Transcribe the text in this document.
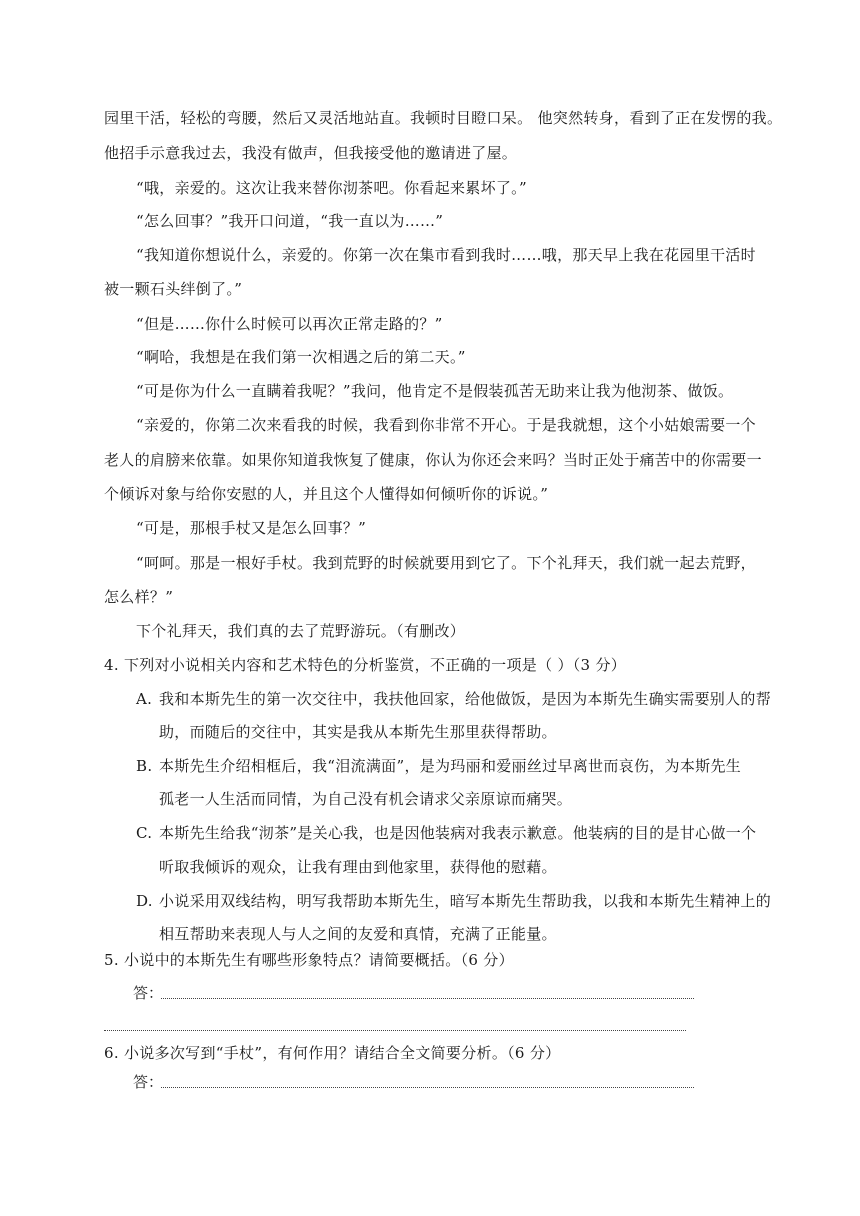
园里干活，轻松的弯腰，然后又灵活地站直。我顿时目瞪口呆。 他突然转身，看到了正在发愣的我。
他招手示意我过去，我没有做声，但我接受他的邀请进了屋。
“哦，亲爱的。这次让我来替你沏茶吧。你看起来累坏了。”
“怎么回事？”我开口问道，“我一直以为……”
“我知道你想说什么，亲爱的。你第一次在集市看到我时……哦，那天早上我在花园里干活时
被一颗石头绊倒了。”
“但是……你什么时候可以再次正常走路的？”
“啊哈，我想是在我们第一次相遇之后的第二天。”
“可是你为什么一直瞒着我呢？”我问，他肯定不是假装孤苦无助来让我为他沏茶、做饭。
“亲爱的，你第二次来看我的时候，我看到你非常不开心。于是我就想，这个小姑娘需要一个
老人的肩膀来依靠。如果你知道我恢复了健康，你认为你还会来吗？当时正处于痛苦中的你需要一
个倾诉对象与给你安慰的人，并且这个人懂得如何倾听你的诉说。”
“可是，那根手杖又是怎么回事？”
“呵呵。那是一根好手杖。我到荒野的时候就要用到它了。下个礼拜天，我们就一起去荒野，
怎么样？”
下个礼拜天，我们真的去了荒野游玩。（有删改）
4. 下列对小说相关内容和艺术特色的分析鉴赏，不正确的一项是（ ）（3 分）
A. 我和本斯先生的第一次交往中，我扶他回家，给他做饭，是因为本斯先生确实需要别人的帮
助，而随后的交往中，其实是我从本斯先生那里获得帮助。
B. 本斯先生介绍相框后，我“泪流满面”，是为玛丽和爱丽丝过早离世而哀伤，为本斯先生
孤老一人生活而同情，为自己没有机会请求父亲原谅而痛哭。
C. 本斯先生给我“沏茶”是关心我，也是因他装病对我表示歉意。他装病的目的是甘心做一个
听取我倾诉的观众，让我有理由到他家里，获得他的慰藉。
D. 小说采用双线结构，明写我帮助本斯先生，暗写本斯先生帮助我，以我和本斯先生精神上的
相互帮助来表现人与人之间的友爱和真情，充满了正能量。
5. 小说中的本斯先生有哪些形象特点？请简要概括。（6 分）
答：
6. 小说多次写到“手杖”，有何作用？请结合全文简要分析。（6 分）
答：
